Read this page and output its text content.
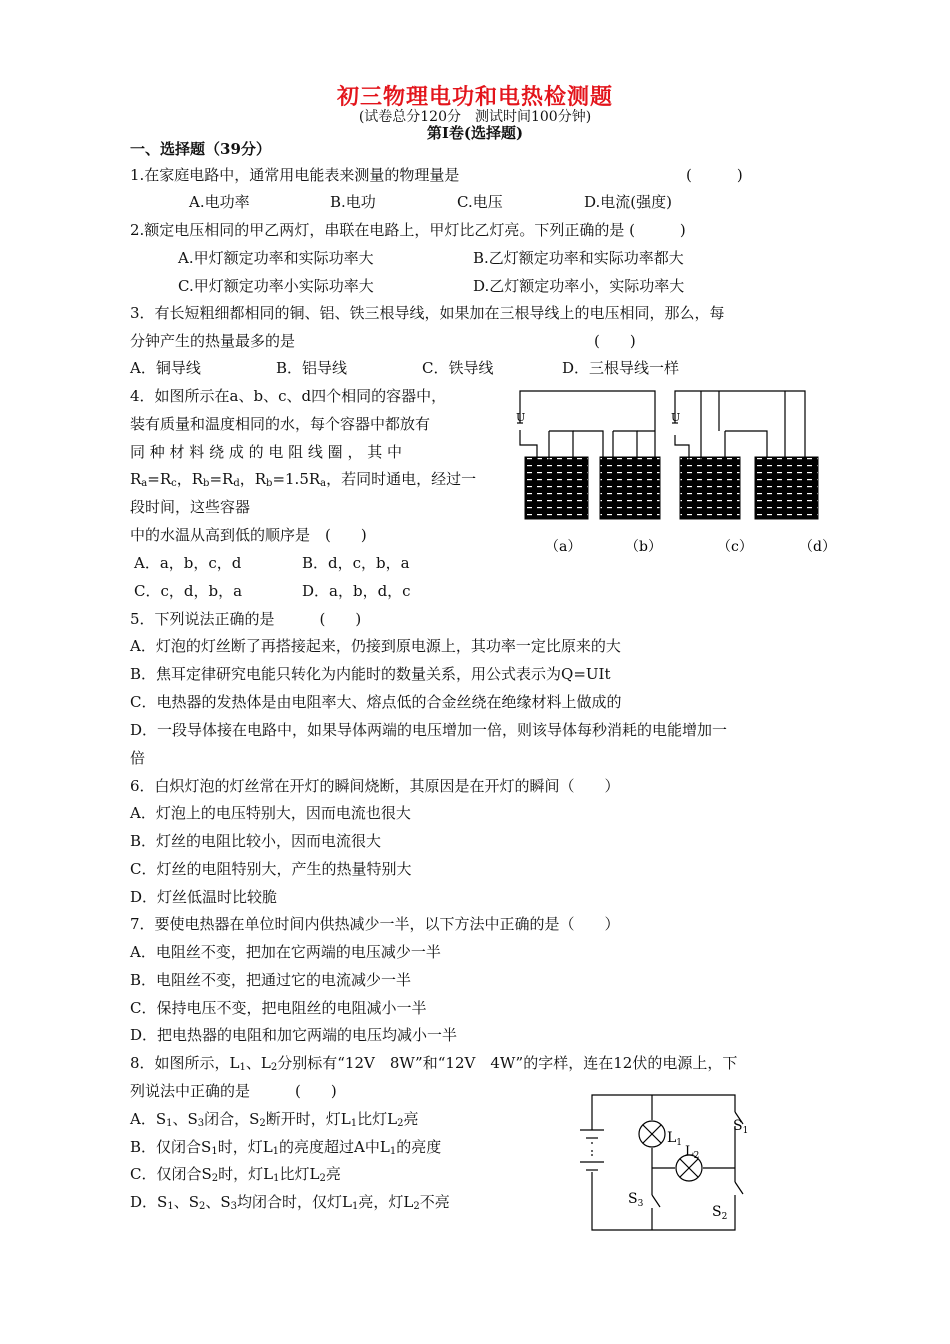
初三物理电功和电热检测题
(试卷总分120分　测试时间100分钟)
第Ⅰ卷(选择题)
一、选择题（39分）
1.在家庭电路中，通常用电能表来测量的物理量是	(　　　)
A.电功率	B.电功	C.电压	D.电流(强度)
2.额定电压相同的甲乙两灯，串联在电路上，甲灯比乙灯亮。下列正确的是 (　　　)
A.甲灯额定功率和实际功率大	B.乙灯额定功率和实际功率都大
C.甲灯额定功率小实际功率大	D.乙灯额定功率小，实际功率大
3．有长短粗细都相同的铜、铝、铁三根导线，如果加在三根导线上的电压相同，那么，每
分钟产生的热量最多的是	(　　)
A．铜导线	B．铝导线	C．铁导线	D．三根导线一样
4．如图所示在a、b、c、d四个相同的容器中，
装有质量和温度相同的水，每个容器中都放有
同 种 材 料 绕 成 的 电 阻 线 圈 ， 其 中
$R_a=R_c$，$R_b=R_d$，$R_b=1.5R_a$，若同时通电，经过一
段时间，这些容器
中的水温从高到低的顺序是　(　　)
A．a，b，c，d	B．d，c，b，a
C．c，d，b，a	D．a，b，d，c
U	U
（a）	（b）	（c）	（d）
5．下列说法正确的是　　　(　　)
A．灯泡的灯丝断了再搭接起来，仍接到原电源上，其功率一定比原来的大
B．焦耳定律研究电能只转化为内能时的数量关系，用公式表示为Q=UIt
C．电热器的发热体是由电阻率大、熔点低的合金丝绕在绝缘材料上做成的
D．一段导体接在电路中，如果导体两端的电压增加一倍，则该导体每秒消耗的电能增加一
倍
6．白炽灯泡的灯丝常在开灯的瞬间烧断，其原因是在开灯的瞬间（　　）
A．灯泡上的电压特别大，因而电流也很大
B．灯丝的电阻比较小，因而电流很大
C．灯丝的电阻特别大，产生的热量特别大
D．灯丝低温时比较脆
7．要使电热器在单位时间内供热减少一半，以下方法中正确的是（　　）
A．电阻丝不变，把加在它两端的电压减少一半
B．电阻丝不变，把通过它的电流减少一半
C．保持电压不变，把电阻丝的电阻减小一半
D．把电热器的电阻和加它两端的电压均减小一半
8．如图所示，$L_1$、$L_2$分别标有“12V　8W”和“12V　4W”的字样，连在12伏的电源上，下
列说法中正确的是　　　(　　)
A．$S_1$、$S_3$闭合，$S_2$断开时，灯$L_1$比灯$L_2$亮
B．仅闭合$S_1$时，灯$L_1$的亮度超过A中$L_1$的亮度
C．仅闭合$S_2$时，灯$L_1$比灯$L_2$亮
D．$S_1$、$S_2$、$S_3$均闭合时，仅灯$L_1$亮，灯$L_2$不亮
$L_1$
$L_2$
$S_1$
$S_3$	$S_2$
